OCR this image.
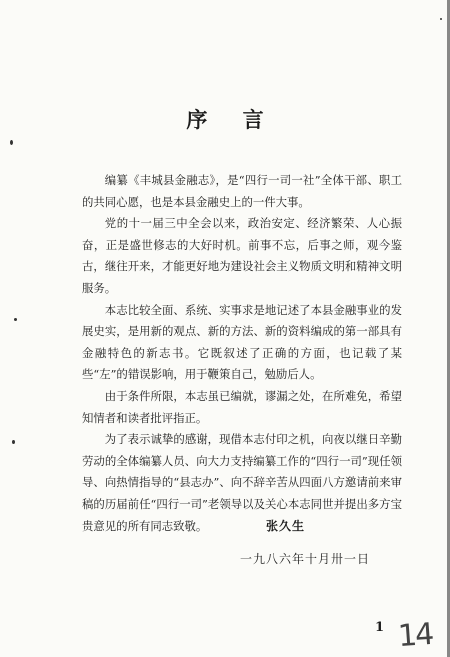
序 言

编纂《丰城县金融志》，是“四行一司一社”全体干部、职工的共同心愿，也是本县金融史上的一件大事。

党的十一届三中全会以来，政治安定、经济繁荣、人心振奋，正是盛世修志的大好时机。前事不忘，后事之师，观今鉴古，继往开来，才能更好地为建设社会主义物质文明和精神文明服务。

本志比较全面、系统、实事求是地记述了本县金融事业的发展史实，是用新的观点、新的方法、新的资料编成的第一部具有金融特色的新志书。它既叙述了正确的方面，也记载了某些“左”的错误影响，用于鞭策自己，勉励后人。

由于条件所限，本志虽已编就，谬漏之处，在所难免，希望知情者和读者批评指正。

为了表示诚挚的感谢，现借本志付印之机，向夜以继日辛勤劳动的全体编纂人员、向大力支持编纂工作的“四行一司”现任领导、向热情指导的“县志办”、向不辞辛苦从四面八方邀请前来审稿的历届前任“四行一司”老领导以及关心本志同世并提出多方宝贵意见的所有同志致敬。	张久生
一九八六年十月卅一日
1 14
